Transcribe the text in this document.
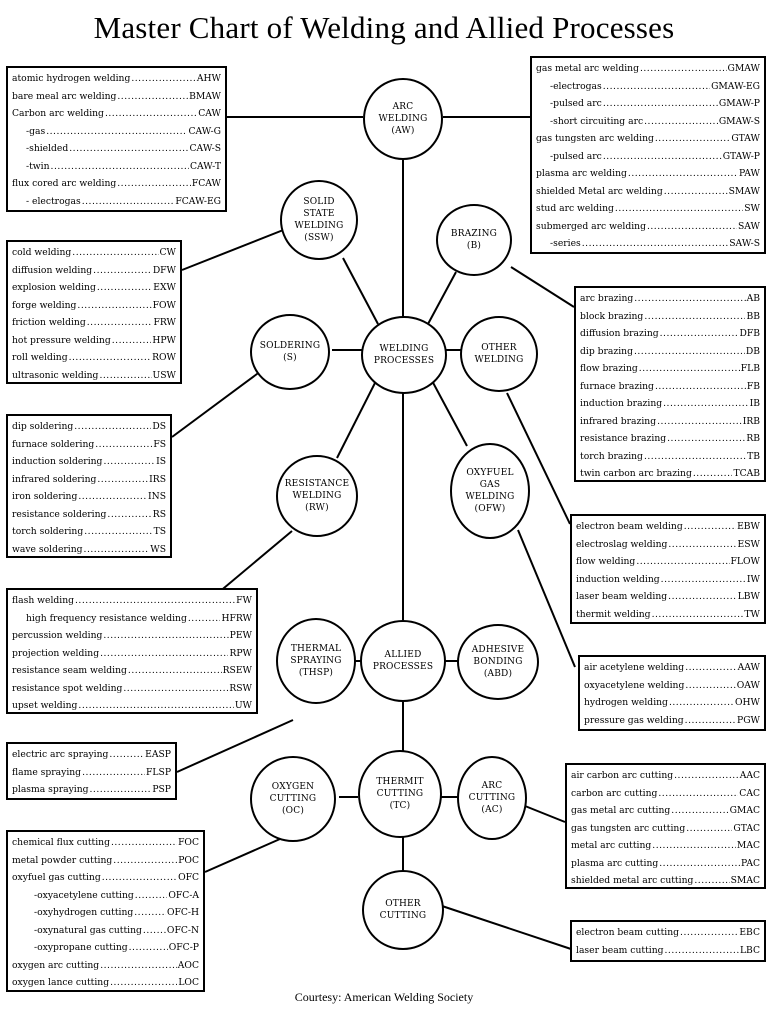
Master Chart of Welding and Allied Processes
ARC
WELDING
(AW)
SOLID
STATE
WELDING
(SSW)	BRAZING
(B)
SOLDERING
(S)
WELDING
PROCESSES
OTHER
WELDING
RESISTANCE
WELDING
(RW)
OXYFUEL
GAS
WELDING
(OFW)
THERMAL
SPRAYING
(THSP)
ALLIED
PROCESSES
ADHESIVE
BONDING
(ABD)
OXYGEN
CUTTING
(OC)
THERMIT
CUTTING
(TC)
ARC
CUTTING
(AC)
OTHER
CUTTING
atomic hydrogen welding .....	AHW
bare meal arc welding .....	BMAW
Carbon arc welding .....	CAW
-gas .....	CAW-G
-shielded .....	CAW-S
-twin .....	CAW-T
flux cored arc welding .....	FCAW
- electrogas .....	FCAW-EG
gas metal arc welding .....	GMAW
-electrogas .....	GMAW-EG
-pulsed arc .....	GMAW-P
-short circuiting arc .....	GMAW-S
gas tungsten arc welding .....	GTAW
-pulsed arc .....	GTAW-P
plasma arc welding .....	PAW
shielded Metal arc welding .....	SMAW
stud arc welding .....	SW
submerged arc welding .....	SAW
-series .....	SAW-S
cold welding .....	CW
diffusion welding .....	DFW
explosion welding .....	EXW
forge welding .....	FOW
friction welding .....	FRW
hot pressure welding .....	HPW
roll welding .....	ROW
ultrasonic welding .....	USW
arc brazing .....	AB
block brazing .....	BB
diffusion brazing .....	DFB
dip brazing .....	DB
flow brazing .....	FLB
furnace brazing .....	FB
induction brazing .....	IB
infrared brazing .....	IRB
resistance brazing .....	RB
torch brazing .....	TB
twin carbon arc brazing .....	TCAB
dip soldering .....	DS
furnace soldering .....	FS
induction soldering .....	IS
infrared soldering .....	IRS
iron soldering .....	INS
resistance soldering .....	RS
torch soldering .....	TS
wave soldering .....	WS
electron beam welding .....	EBW
electroslag welding .....	ESW
flow welding .....	FLOW
induction welding .....	IW
laser beam welding .....	LBW
thermit welding .....	TW
flash welding .....	FW
high frequency resistance welding .....	HFRW
percussion welding .....	PEW
projection welding .....	RPW
resistance seam welding .....	RSEW
resistance spot welding .....	RSW
upset welding .....	UW
air acetylene welding .....	AAW
oxyacetylene welding .....	OAW
hydrogen welding .....	OHW
pressure gas welding .....	PGW
electric arc spraying .....	EASP
flame spraying .....	FLSP
plasma spraying .....	PSP
air carbon arc cutting .....	AAC
carbon arc cutting .....	CAC
gas metal arc cutting .....	GMAC
gas tungsten arc cutting .....	GTAC
metal arc cutting .....	MAC
plasma arc cutting .....	PAC
shielded metal arc cutting .....	SMAC
chemical flux cutting .....	FOC
metal powder cutting .....	POC
oxyfuel gas cutting .....	OFC
-oxyacetylene cutting .....	OFC-A
-oxyhydrogen cutting .....	OFC-H
-oxynatural gas cutting .....	OFC-N
-oxypropane cutting .....	OFC-P
oxygen arc cutting .....	AOC
oxygen lance cutting .....	LOC
electron beam cutting .....	EBC
laser beam cutting .....	LBC
Courtesy: American Welding Society
